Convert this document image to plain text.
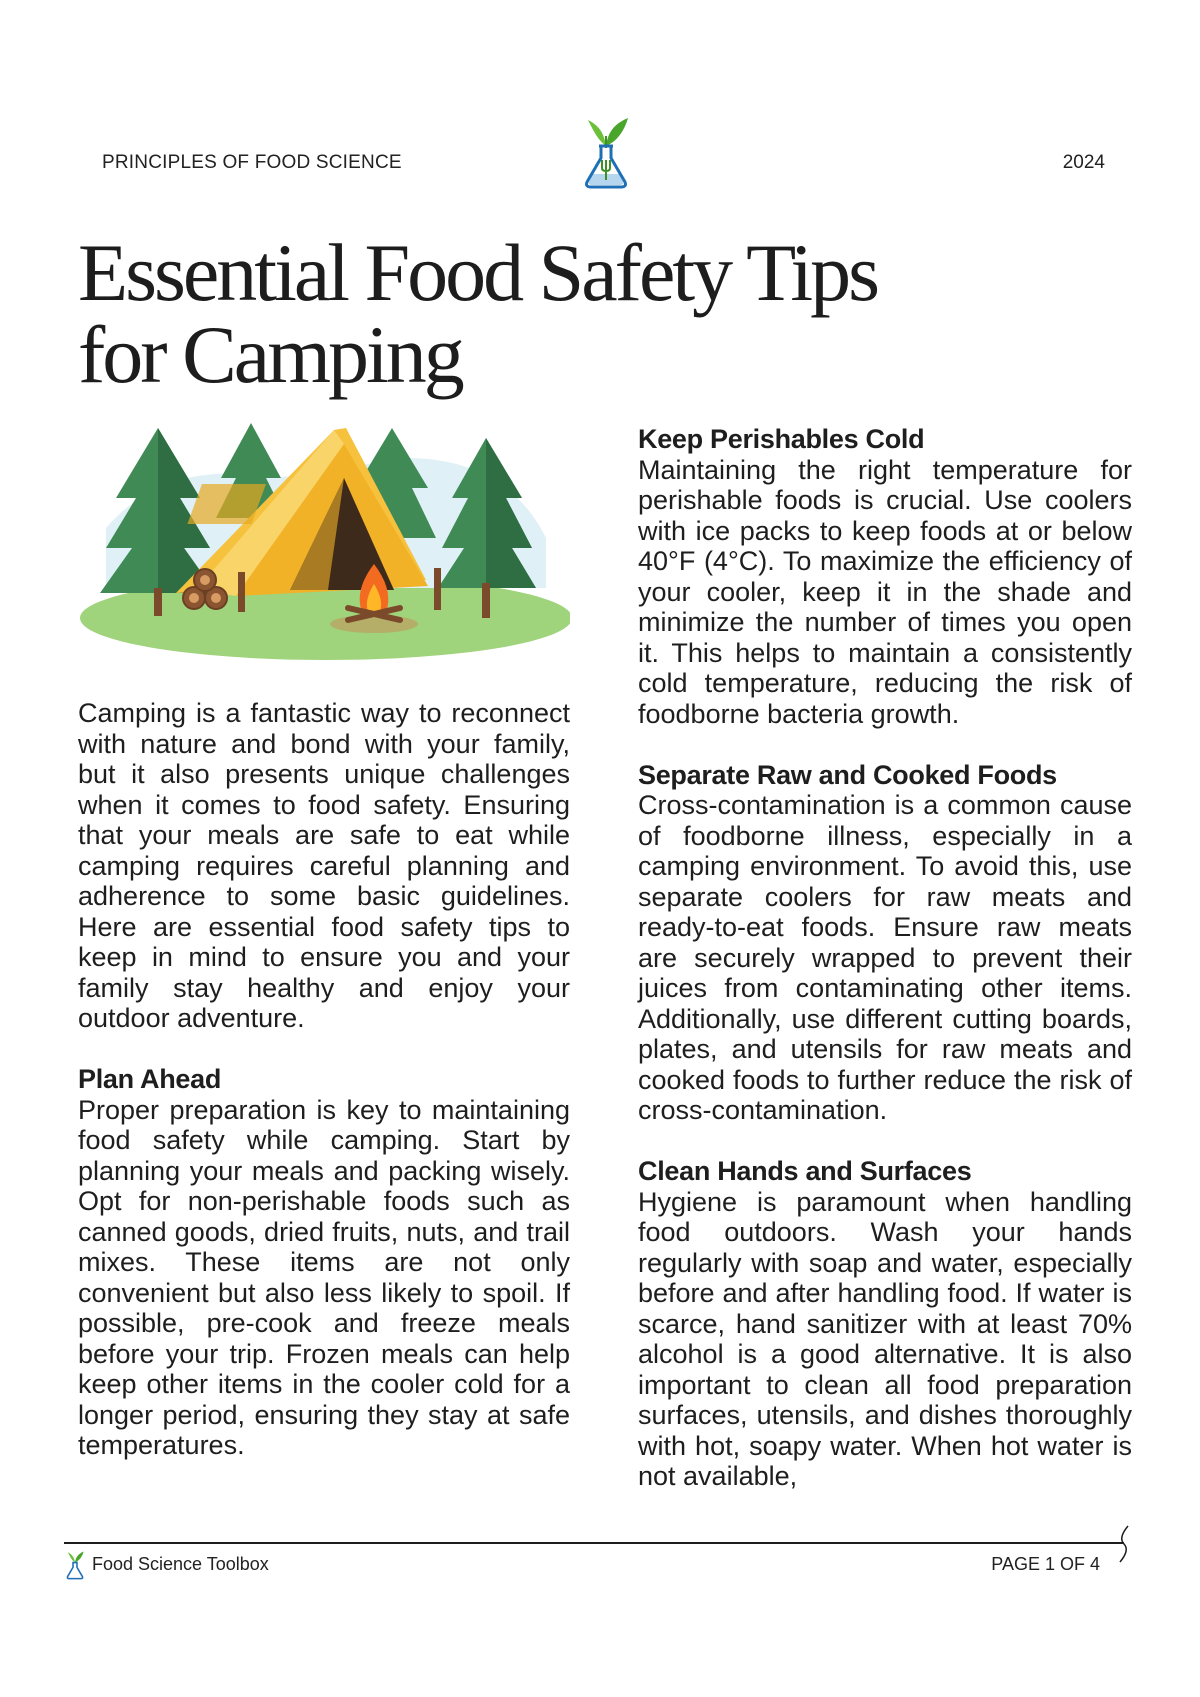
PRINCIPLES OF FOOD SCIENCE	2024
Essential Food Safety Tips for Camping

Camping is a fantastic way to reconnect with nature and bond with your family, but it also presents unique challenges when it comes to food safety. Ensuring that your meals are safe to eat while camping requires careful planning and adherence to some basic guidelines. Here are essential food safety tips to keep in mind to ensure you and your family stay healthy and enjoy your outdoor adventure.

Plan Ahead

Proper preparation is key to maintaining food safety while camping. Start by planning your meals and packing wisely. Opt for non-perishable foods such as canned goods, dried fruits, nuts, and trail mixes. These items are not only convenient but also less likely to spoil. If possible, pre-cook and freeze meals before your trip. Frozen meals can help keep other items in the cooler cold for a longer period, ensuring they stay at safe temperatures.

Keep Perishables Cold

Maintaining the right temperature for perishable foods is crucial. Use coolers with ice packs to keep foods at or below 40°F (4°C). To maximize the efficiency of your cooler, keep it in the shade and minimize the number of times you open it. This helps to maintain a consistently cold temperature, reducing the risk of foodborne bacteria growth.

Separate Raw and Cooked Foods

Cross-contamination is a common cause of foodborne illness, especially in a camping environment. To avoid this, use separate coolers for raw meats and ready-to-eat foods. Ensure raw meats are securely wrapped to prevent their juices from contaminating other items. Additionally, use different cutting boards, plates, and utensils for raw meats and cooked foods to further reduce the risk of cross-contamination.

Clean Hands and Surfaces

Hygiene is paramount when handling food outdoors. Wash your hands regularly with soap and water, especially before and after handling food. If water is scarce, hand sanitizer with at least 70% alcohol is a good alternative. It is also important to clean all food preparation surfaces, utensils, and dishes thoroughly with hot, soapy water. When hot water is not available,

Food Science Toolbox	PAGE 1 OF 4
